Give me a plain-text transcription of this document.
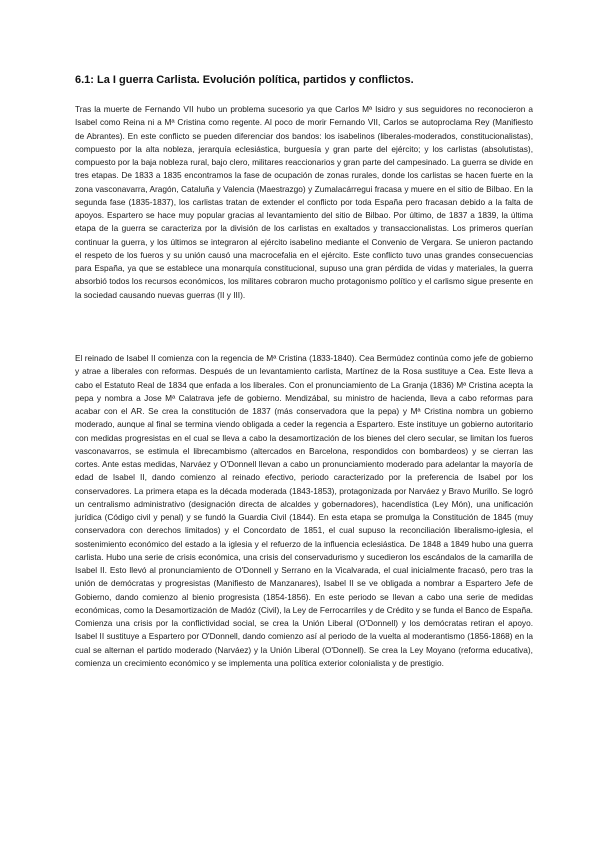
6.1: La I guerra Carlista. Evolución política, partidos y conflictos.

Tras la muerte de Fernando VII hubo un problema sucesorio ya que Carlos Mª Isidro y sus seguidores no reconocieron a Isabel como Reina ni a Mª Cristina como regente. Al poco de morir Fernando VII, Carlos se autoproclama Rey (Manifiesto de Abrantes). En este conflicto se pueden diferenciar dos bandos: los isabelinos (liberales-moderados, constitucionalistas), compuesto por la alta nobleza, jerarquía eclesiástica, burguesía y gran parte del ejército; y los carlistas (absolutistas), compuesto por la baja nobleza rural, bajo clero, militares reaccionarios y gran parte del campesinado. La guerra se divide en tres etapas. De 1833 a 1835 encontramos la fase de ocupación de zonas rurales, donde los carlistas se hacen fuerte en la zona vasconavarra, Aragón, Cataluña y Valencia (Maestrazgo) y Zumalacárregui fracasa y muere en el sitio de Bilbao. En la segunda fase (1835-1837), los carlistas tratan de extender el conflicto por toda España pero fracasan debido a la falta de apoyos. Espartero se hace muy popular gracias al levantamiento del sitio de Bilbao. Por último, de 1837 a 1839, la última etapa de la guerra se caracteriza por la división de los carlistas en exaltados y transaccionalistas. Los primeros querían continuar la guerra, y los últimos se integraron al ejército isabelino mediante el Convenio de Vergara. Se unieron pactando el respeto de los fueros y su unión causó una macrocefalia en el ejército. Este conflicto tuvo unas grandes consecuencias para España, ya que se establece una monarquía constitucional, supuso una gran pérdida de vidas y materiales, la guerra absorbió todos los recursos económicos, los militares cobraron mucho protagonismo político y el carlismo sigue presente en la sociedad causando nuevas guerras (II y III).

El reinado de Isabel II comienza con la regencia de Mª Cristina (1833-1840). Cea Bermúdez continúa como jefe de gobierno y atrae a liberales con reformas. Después de un levantamiento carlista, Martínez de la Rosa sustituye a Cea. Este lleva a cabo el Estatuto Real de 1834 que enfada a los liberales. Con el pronunciamiento de La Granja (1836) Mª Cristina acepta la pepa y nombra a Jose Mª Calatrava jefe de gobierno. Mendizábal, su ministro de hacienda, lleva a cabo reformas para acabar con el AR. Se crea la constitución de 1837 (más conservadora que la pepa) y Mª Cristina nombra un gobierno moderado, aunque al final se termina viendo obligada a ceder la regencia a Espartero. Este instituye un gobierno autoritario con medidas progresistas en el cual se lleva a cabo la desamortización de los bienes del clero secular, se limitan los fueros vasconavarros, se estimula el librecambismo (altercados en Barcelona, respondidos con bombardeos) y se cierran las cortes. Ante estas medidas, Narváez y O'Donnell llevan a cabo un pronunciamiento moderado para adelantar la mayoría de edad de Isabel II, dando comienzo al reinado efectivo, periodo caracterizado por la preferencia de Isabel por los conservadores. La primera etapa es la década moderada (1843-1853), protagonizada por Narváez y Bravo Murillo. Se logró un centralismo administrativo (designación directa de alcaldes y gobernadores), hacendística (Ley Món), una unificación jurídica (Código civil y penal) y se fundó la Guardia Civil (1844). En esta etapa se promulga la Constitución de 1845 (muy conservadora con derechos limitados) y el Concordato de 1851, el cual supuso la reconciliación liberalismo-iglesia, el sostenimiento económico del estado a la iglesia y el refuerzo de la influencia eclesiástica. De 1848 a 1849 hubo una guerra carlista. Hubo una serie de crisis económica, una crisis del conservadurismo y sucedieron los escándalos de la camarilla de Isabel II. Esto llevó al pronunciamiento de O'Donnell y Serrano en la Vicalvarada, el cual inicialmente fracasó, pero tras la unión de demócratas y progresistas (Manifiesto de Manzanares), Isabel II se ve obligada a nombrar a Espartero Jefe de Gobierno, dando comienzo al bienio progresista (1854-1856). En este periodo se llevan a cabo una serie de medidas económicas, como la Desamortización de Madóz (Civil), la Ley de Ferrocarriles y de Crédito y se funda el Banco de España. Comienza una crisis por la conflictividad social, se crea la Unión Liberal (O'Donnell) y los demócratas retiran el apoyo. Isabel II sustituye a Espartero por O'Donnell, dando comienzo así al periodo de la vuelta al moderantismo (1856-1868) en la cual se alternan el partido moderado (Narváez) y la Unión Liberal (O'Donnell). Se crea la Ley Moyano (reforma educativa), comienza un crecimiento económico y se implementa una política exterior colonialista y de prestigio.
